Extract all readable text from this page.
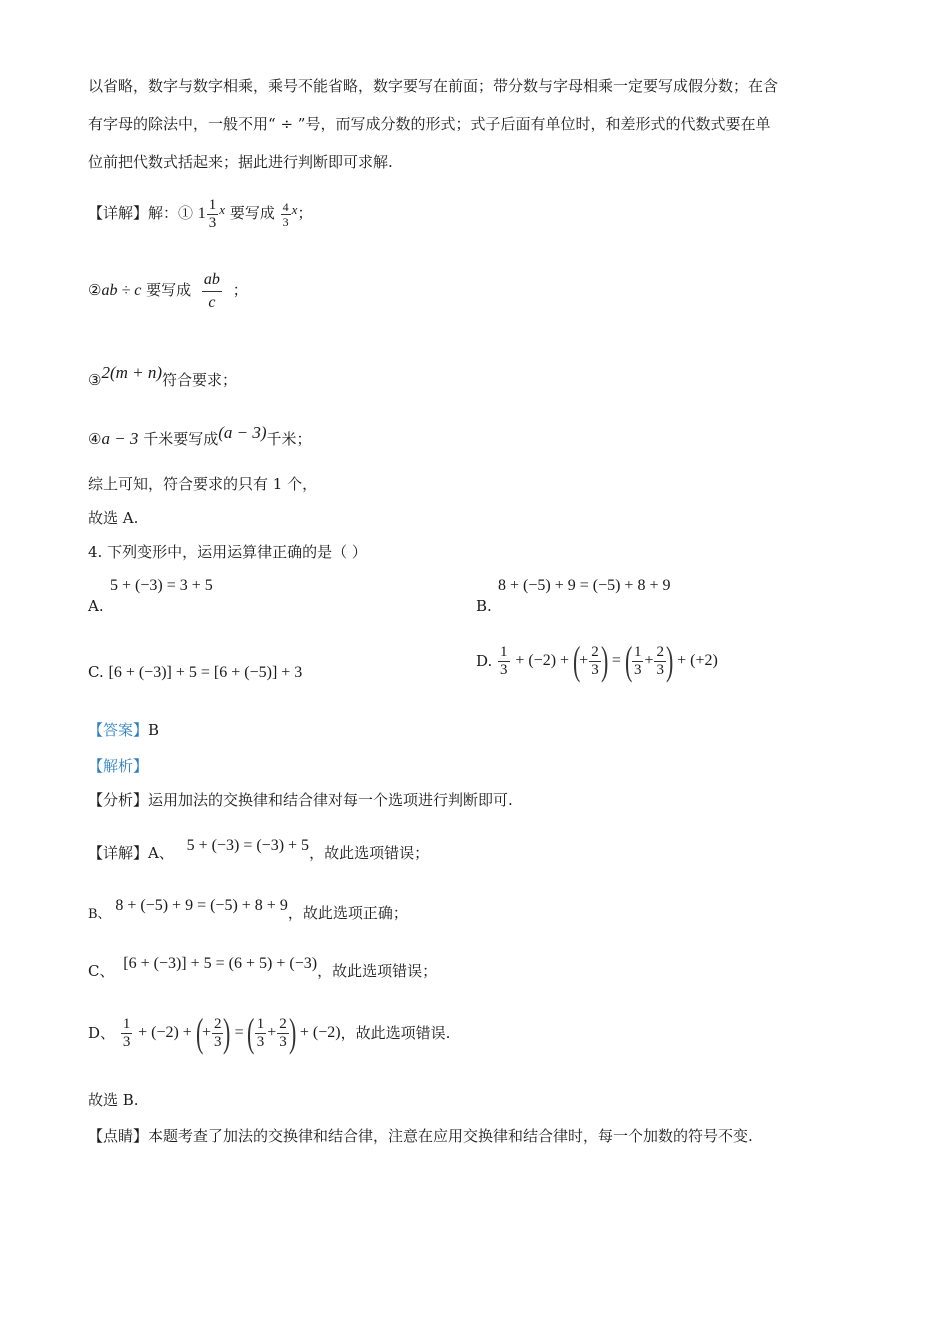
以省略，数字与数字相乘，乘号不能省略，数字要写在前面；带分数与字母相乘一定要写成假分数；在含
有字母的除法中，一般不用“ ÷ ”号，而写成分数的形式；式子后面有单位时，和差形式的代数式要在单
位前把代数式括起来；据此进行判断即可求解.
【详解】解：① $1 \frac{1}{3}$ x 要写成 $\frac{4}{3}$ x；
②ab ÷ c 要写成 $\frac{ab}{c}$ ；
③2(m + n)符合要求；
④a − 3 千米要写成(a − 3)千米；
综上可知，符合要求的只有 1 个，
故选 A.
4. 下列变形中，运用运算律正确的是（ ）
5 + (−3) = 3 + 5
A.
8 + (−5) + 9 = (−5) + 8 + 9
B.
C. [6 + (−3)] + 5 = [6 + (−5)] + 3
D. $\frac{1}{3} + (-2)$ + (+ $\frac{2}{3}$ ) = ( $\frac{1}{3} + \frac{2}{3}$ ) + (+2)
【答案】B
【解析】
【分析】运用加法的交换律和结合律对每一个选项进行判断即可.
【详解】A、 5 + (−3) = (−3) + 5，故此选项错误；
B、 8 + (−5) + 9 = (−5) + 8 + 9，故此选项正确；
C、 [6 + (−3)] + 5 = (6 + 5) + (−3)，故此选项错误；
D、 $\frac{1}{3} + (-2)$ + (+ $\frac{2}{3}$ ) = ( $\frac{1}{3} + \frac{2}{3}$ ) + (−2)，故此选项错误.
故选 B.
【点睛】本题考查了加法的交换律和结合律，注意在应用交换律和结合律时，每一个加数的符号不变.
